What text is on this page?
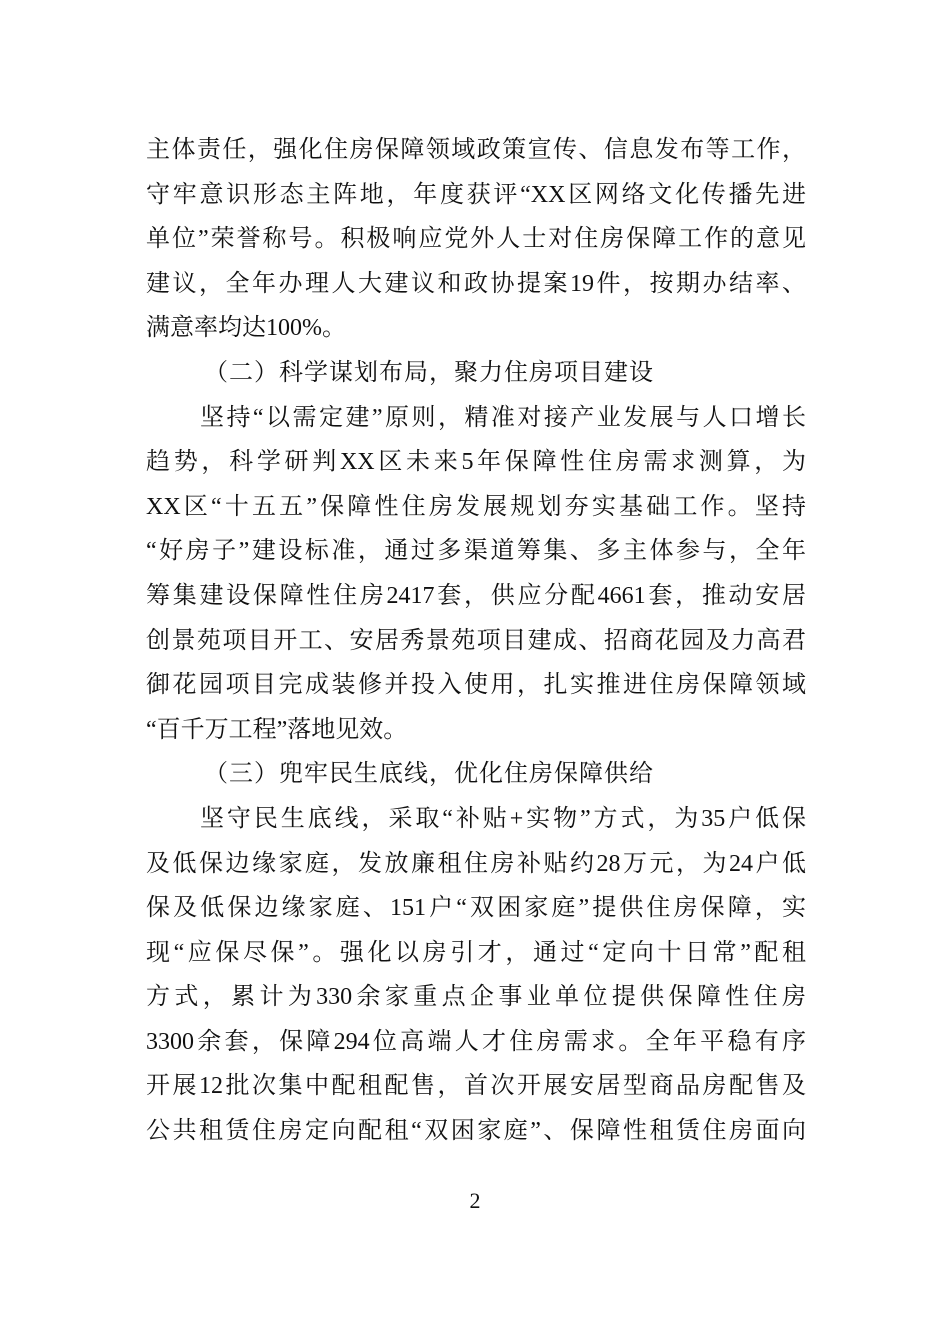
主体责任，强化住房保障领域政策宣传、信息发布等工作，
守牢意识形态主阵地，年度获评“XX区网络文化传播先进
单位”荣誉称号。积极响应党外人士对住房保障工作的意见
建议，全年办理人大建议和政协提案19件，按期办结率、
满意率均达100%。
（二）科学谋划布局，聚力住房项目建设
坚持“以需定建”原则，精准对接产业发展与人口增长
趋势，科学研判XX区未来5年保障性住房需求测算，为
XX区“十五五”保障性住房发展规划夯实基础工作。坚持
“好房子”建设标准，通过多渠道筹集、多主体参与，全年
筹集建设保障性住房2417套，供应分配4661套，推动安居
创景苑项目开工、安居秀景苑项目建成、招商花园及力高君
御花园项目完成装修并投入使用，扎实推进住房保障领域
“百千万工程”落地见效。
（三）兜牢民生底线，优化住房保障供给
坚守民生底线，采取“补贴+实物”方式，为35户低保
及低保边缘家庭，发放廉租住房补贴约28万元，为24户低
保及低保边缘家庭、151户“双困家庭”提供住房保障，实
现“应保尽保”。强化以房引才，通过“定向十日常”配租
方式，累计为330余家重点企事业单位提供保障性住房
3300余套，保障294位高端人才住房需求。全年平稳有序
开展12批次集中配租配售，首次开展安居型商品房配售及
公共租赁住房定向配租“双困家庭”、保障性租赁住房面向
2
